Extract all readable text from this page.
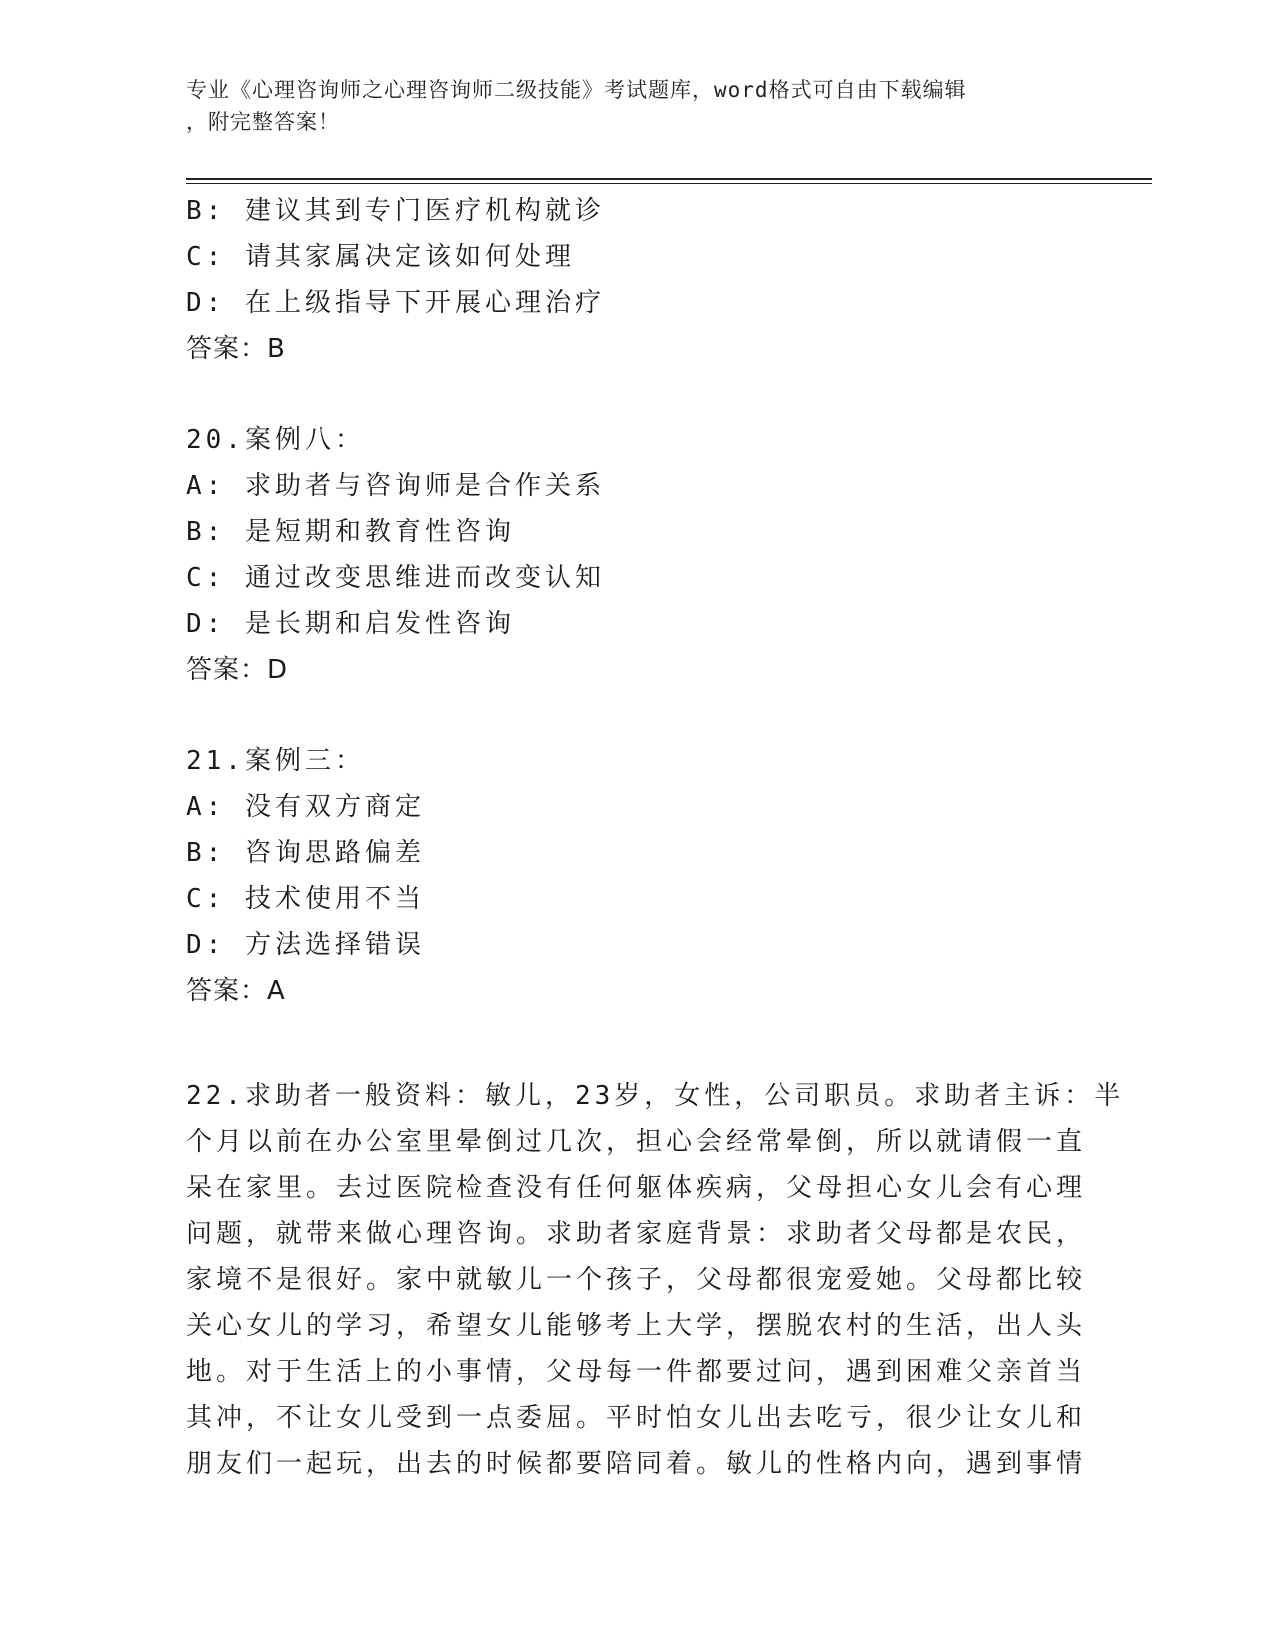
专业《心理咨询师之心理咨询师二级技能》考试题库，word格式可自由下载编辑
，附完整答案！
B: 建议其到专门医疗机构就诊
C: 请其家属决定该如何处理
D: 在上级指导下开展心理治疗
答案：B
20.案例八：
A: 求助者与咨询师是合作关系
B: 是短期和教育性咨询
C: 通过改变思维进而改变认知
D: 是长期和启发性咨询
答案：D
21.案例三：
A: 没有双方商定
B: 咨询思路偏差
C: 技术使用不当
D: 方法选择错误
答案：A
22.求助者一般资料：敏儿，23岁，女性，公司职员。求助者主诉：半
个月以前在办公室里晕倒过几次，担心会经常晕倒，所以就请假一直
呆在家里。去过医院检查没有任何躯体疾病，父母担心女儿会有心理
问题，就带来做心理咨询。求助者家庭背景：求助者父母都是农民，
家境不是很好。家中就敏儿一个孩子，父母都很宠爱她。父母都比较
关心女儿的学习，希望女儿能够考上大学，摆脱农村的生活，出人头
地。对于生活上的小事情，父母每一件都要过问，遇到困难父亲首当
其冲，不让女儿受到一点委屈。平时怕女儿出去吃亏，很少让女儿和
朋友们一起玩，出去的时候都要陪同着。敏儿的性格内向，遇到事情
